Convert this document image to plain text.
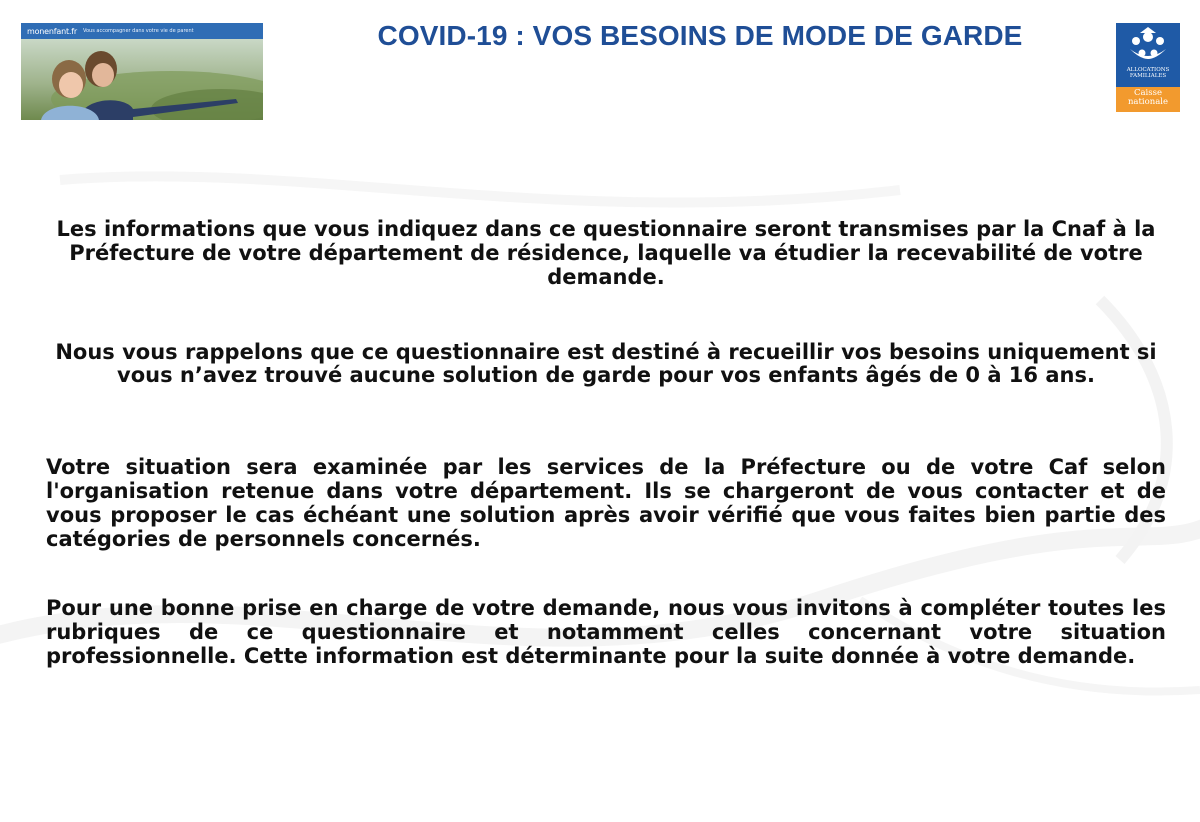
monenfant.fr Vous accompagner dans votre vie de parent	COVID-19 : VOS BESOINS DE MODE DE GARDE
ALLOCATIONS
FAMILIALES
Caisse
nationale

Les informations que vous indiquez dans ce questionnaire seront transmises par la Cnaf à la Préfecture de votre département de résidence, laquelle va étudier la recevabilité de votre demande.

Nous vous rappelons que ce questionnaire est destiné à recueillir vos besoins uniquement si vous n’avez trouvé aucune solution de garde pour vos enfants âgés de 0 à 16 ans.

Votre situation sera examinée par les services de la Préfecture ou de votre Caf selon l'organisation retenue dans votre département. Ils se chargeront de vous contacter et de vous proposer le cas échéant une solution après avoir vérifié que vous faites bien partie des catégories de personnels concernés.

Pour une bonne prise en charge de votre demande, nous vous invitons à compléter toutes les rubriques de ce questionnaire et notamment celles concernant votre situation professionnelle. Cette information est déterminante pour la suite donnée à votre demande.
